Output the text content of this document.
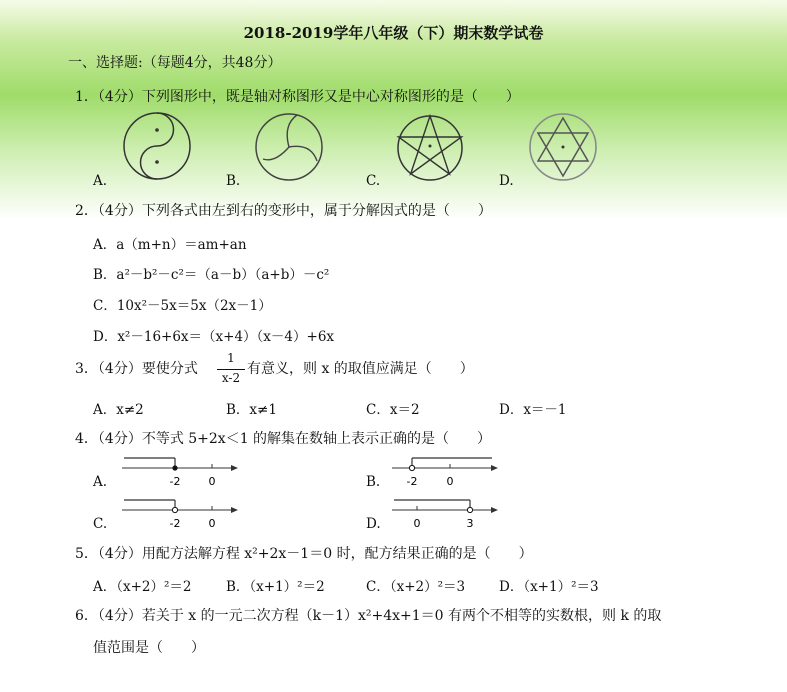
2018-2019学年八年级（下）期末数学试卷
一、选择题:（每题4分，共48分）
1．（4分）下列图形中，既是轴对称图形又是中心对称图形的是（　　）
A.	B.	C.	D.
2．（4分）下列各式由左到右的变形中，属于分解因式的是（　　）
A．a（m+n）＝am+an
B．a²－b²－c²＝（a－b）（a+b）－c²
C．10x²－5x＝5x（2x－1）
D．x²－16+6x＝（x+4）（x－4）+6x
3．（4分）要使分式
1
x-2
有意义，则 x 的取值应满足（　　）
A．x≠2	B．x≠1	C．x＝2	D．x＝－1
4．（4分）不等式 5+2x＜1 的解集在数轴上表示正确的是（　　）
A.	-2	0	B. -2	0
C.	-2	0	D.	0	3
5．（4分）用配方法解方程 x²+2x－1＝0 时，配方结果正确的是（　　）
A．（x+2）²＝2	B．（x+1）²＝2	C．（x+2）²＝3	D．（x+1）²＝3
6．（4分）若关于 x 的一元二次方程（k－1）x²+4x+1＝0 有两个不相等的实数根，则 k 的取
值范围是（　　）
